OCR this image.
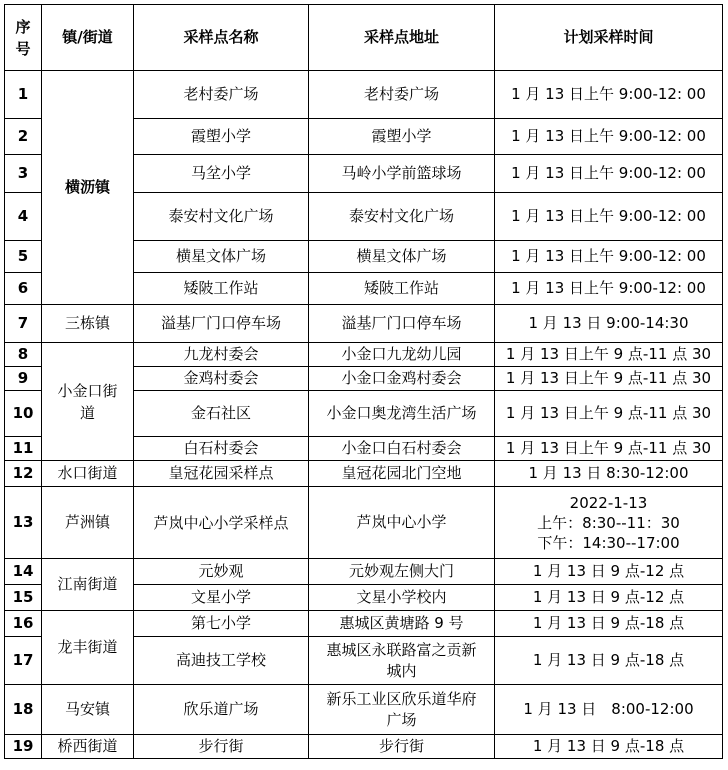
序号	镇/街道	采样点名称	采样点地址	计划采样时间
1	横沥镇	老村委广场	老村委广场	1 月 13 日上午 9:00-12: 00
2		霞塱小学	霞塱小学	1 月 13 日上午 9:00-12: 00
3		马坌小学	马岭小学前篮球场	1 月 13 日上午 9:00-12: 00
4		泰安村文化广场	泰安村文化广场	1 月 13 日上午 9:00-12: 00
5		横星文体广场	横星文体广场	1 月 13 日上午 9:00-12: 00
6		矮陂工作站	矮陂工作站	1 月 13 日上午 9:00-12: 00
7	三栋镇	溢基厂门口停车场	溢基厂门口停车场	1 月 13 日 9:00-14:30
8	小金口街道	九龙村委会	小金口九龙幼儿园	1 月 13 日上午 9 点-11 点 30
9		金鸡村委会	小金口金鸡村委会	1 月 13 日上午 9 点-11 点 30
10		金石社区	小金口奥龙湾生活广场	1 月 13 日上午 9 点-11 点 30
11		白石村委会	小金口白石村委会	1 月 13 日上午 9 点-11 点 30
12	水口街道	皇冠花园采样点	皇冠花园北门空地	1 月 13 日 8:30-12:00
13	芦洲镇	芦岚中心小学采样点	芦岚中心小学	2022-1-13
上午：8:30--11：30
下午：14:30--17:00

14	江南街道	元妙观	元妙观左侧大门	1 月 13 日 9 点-12 点
15		文星小学	文星小学校内	1 月 13 日 9 点-12 点
16	龙丰街道	第七小学	惠城区黄塘路 9 号	1 月 13 日 9 点-18 点
17		高迪技工学校	惠城区永联路富之贡新城内	1 月 13 日 9 点-18 点
18	马安镇	欣乐道广场	新乐工业区欣乐道华府广场	1 月 13 日　8:00-12:00
19	桥西街道	步行街	步行街	1 月 13 日 9 点-18 点
